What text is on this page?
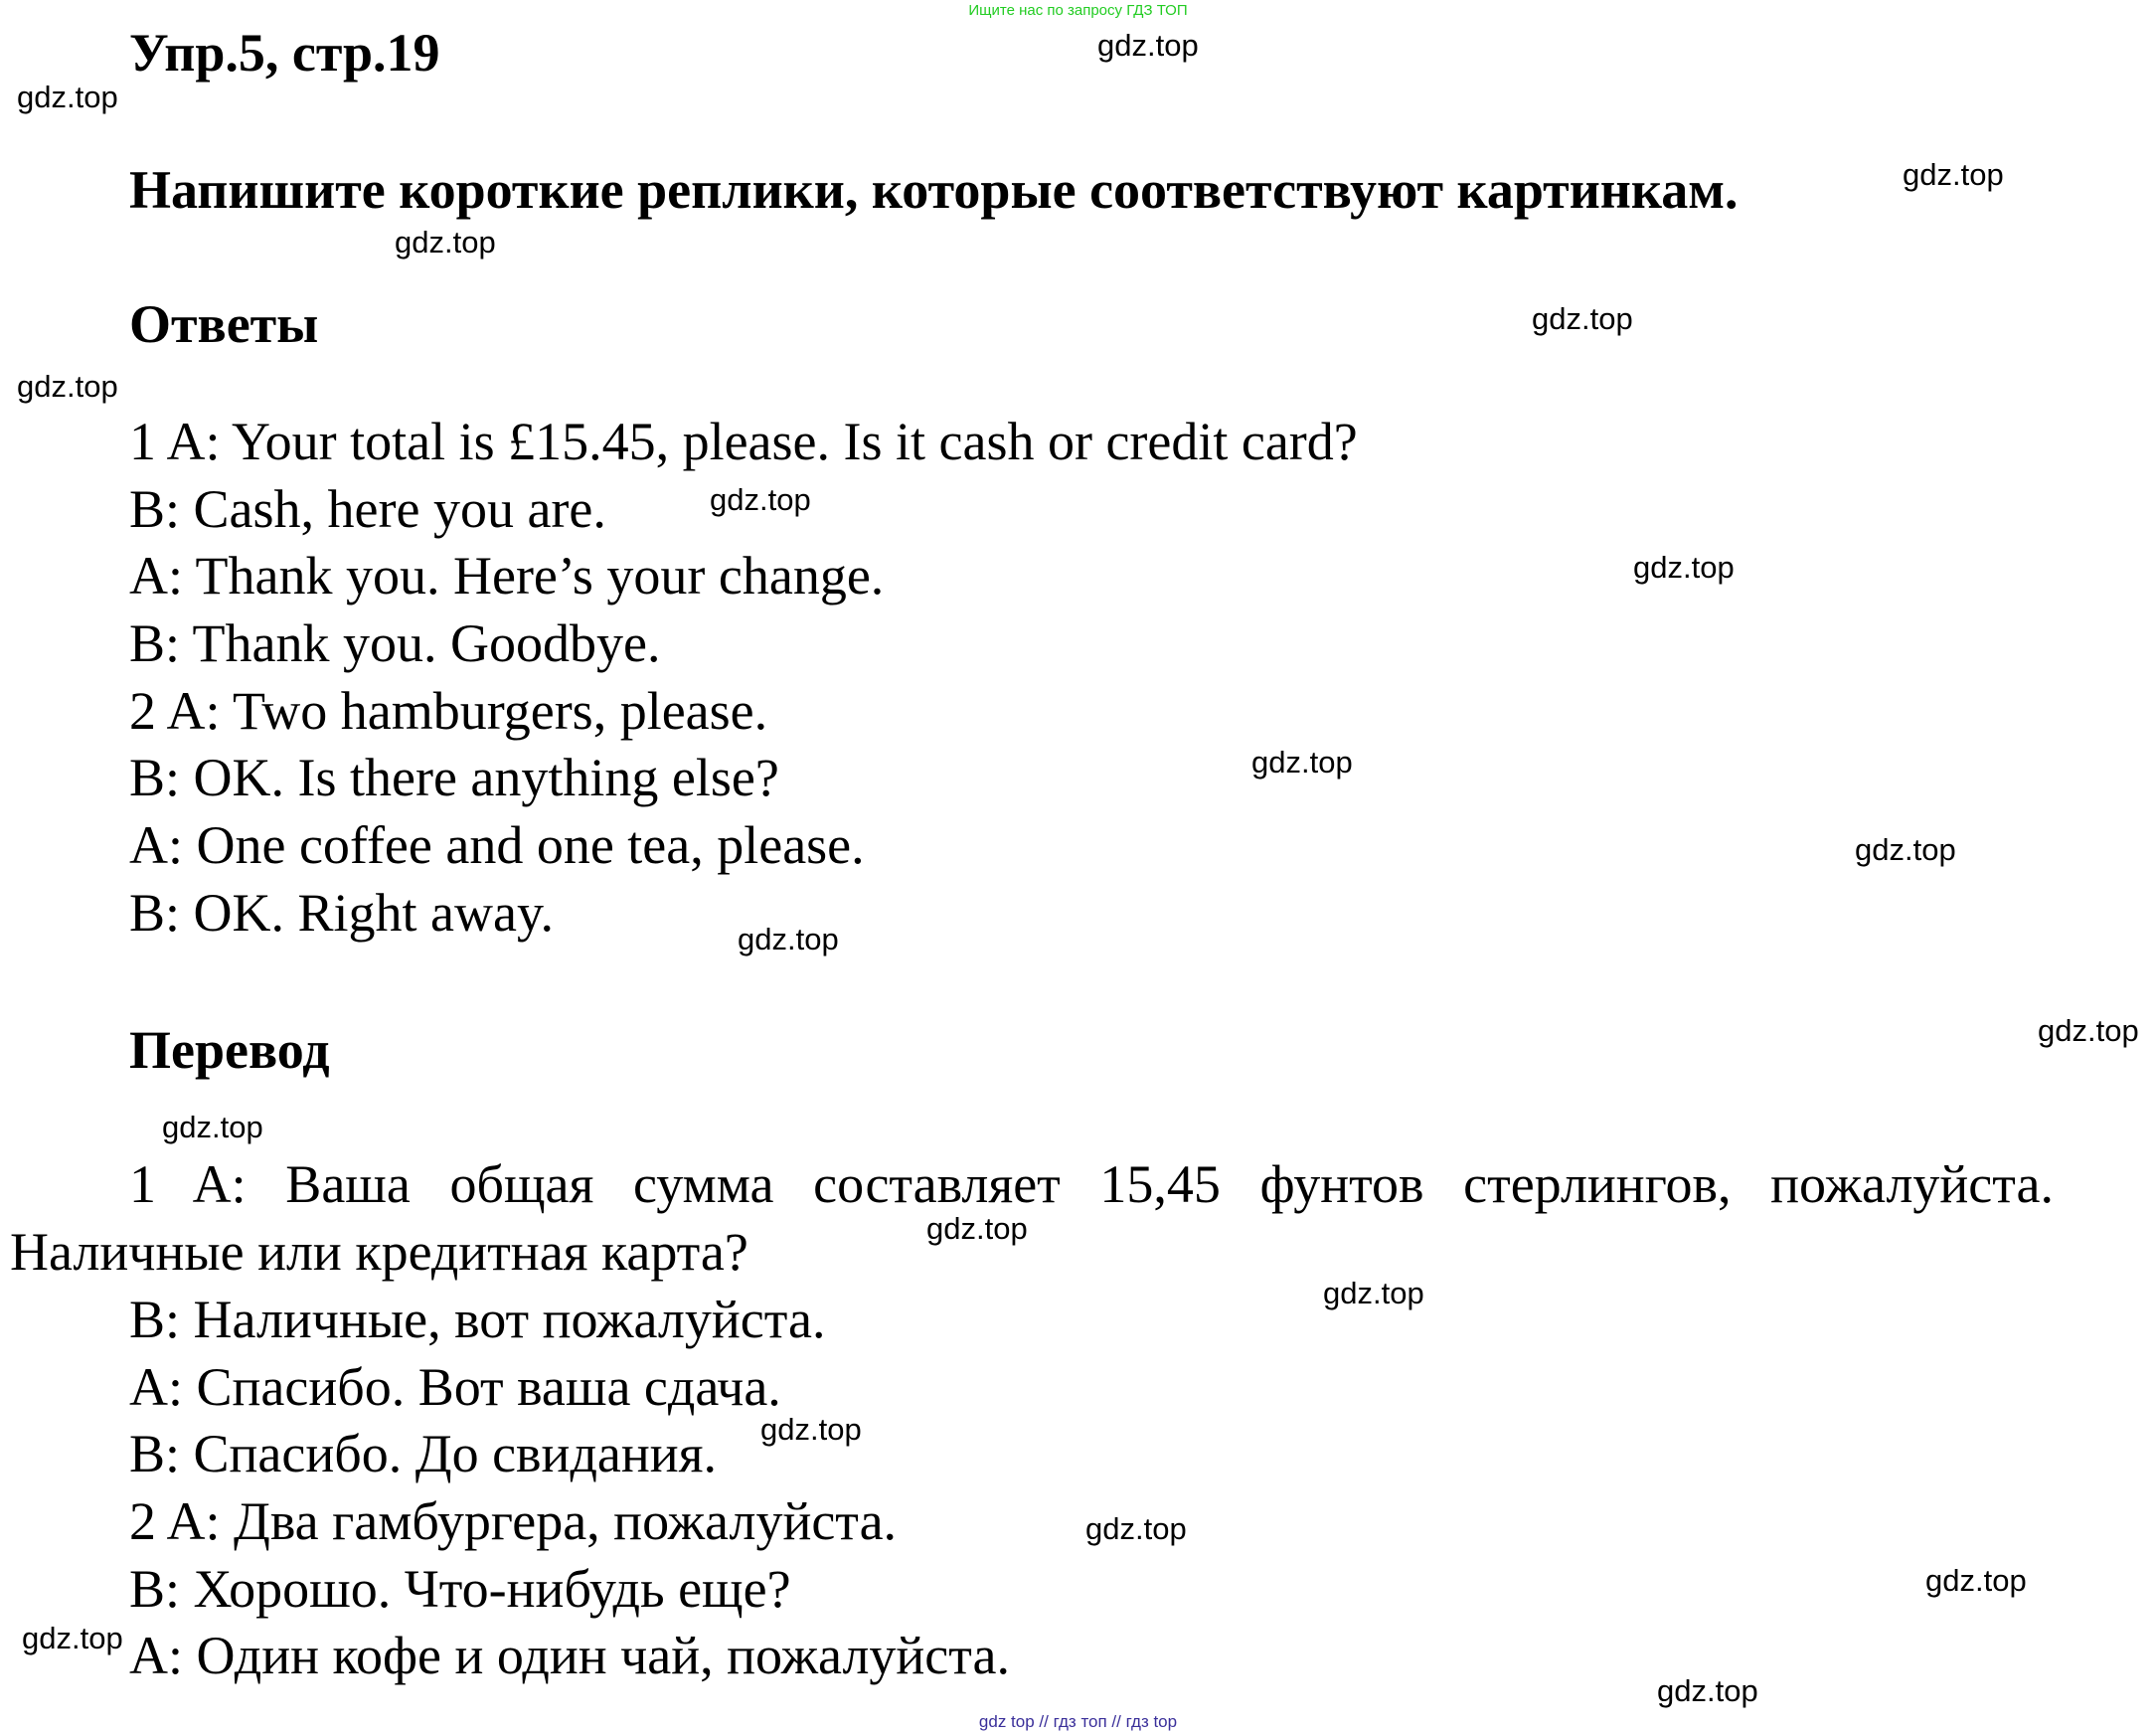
Ищите нас по запросу ГДЗ ТОП
Упр.5, стр.19
Напишите короткие реплики, которые соответствуют картинкам.
Ответы
1 A: Your total is £15.45, please. Is it cash or credit card?
B: Cash, here you are.
A: Thank you. Here’s your change.
B: Thank you. Goodbye.
2 A: Two hamburgers, please.
B: OK. Is there anything else?
A: One coffee and one tea, please.
B: OK. Right away.
Перевод
1 A: Ваша общая сумма составляет 15,45 фунтов стерлингов, пожалуйста.
Наличные или кредитная карта?
B: Наличные, вот пожалуйста.
A: Спасибо. Вот ваша сдача.
B: Спасибо. До свидания.
2 A: Два гамбургера, пожалуйста.
B: Хорошо. Что-нибудь еще?
A: Один кофе и один чай, пожалуйста.
gdz.top
gdz.top
gdz.top
gdz.top
gdz.top
gdz.top
gdz.top
gdz.top
gdz.top
gdz.top
gdz.top
gdz.top
gdz.top
gdz.top
gdz.top
gdz.top
gdz.top
gdz.top
gdz.top
gdz.top
gdz top // гдз топ // гдз top
